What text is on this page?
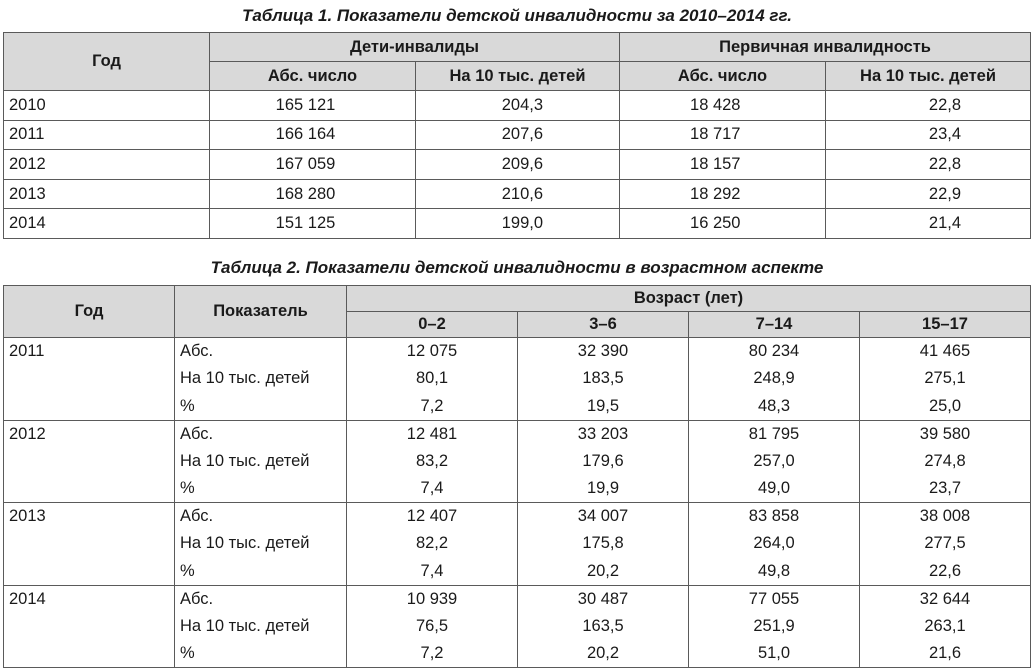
Таблица 1. Показатели детской инвалидности за 2010–2014 гг.
Год	Дети-инвалиды		Первичная инвалидность	
	Абс. число	На 10 тыс. детей	Абс. число	На 10 тыс. детей
2010	165 121	204,3	18 428	22,8
2011	166 164	207,6	18 717	23,4
2012	167 059	209,6	18 157	22,8
2013	168 280	210,6	18 292	22,9
2014	151 125	199,0	16 250	21,4
Таблица 2. Показатели детской инвалидности в возрастном аспекте
Год	Показатель	Возраст (лет)			
		0–2	3–6	7–14	15–17
2011	Абс.	12 075	32 390	80 234	41 465
	На 10 тыс. детей	80,1	183,5	248,9	275,1
	%	7,2	19,5	48,3	25,0
2012	Абс.	12 481	33 203	81 795	39 580
	На 10 тыс. детей	83,2	179,6	257,0	274,8
	%	7,4	19,9	49,0	23,7
2013	Абс.	12 407	34 007	83 858	38 008
	На 10 тыс. детей	82,2	175,8	264,0	277,5
	%	7,4	20,2	49,8	22,6
2014	Абс.	10 939	30 487	77 055	32 644
	На 10 тыс. детей	76,5	163,5	251,9	263,1
	%	7,2	20,2	51,0	21,6
